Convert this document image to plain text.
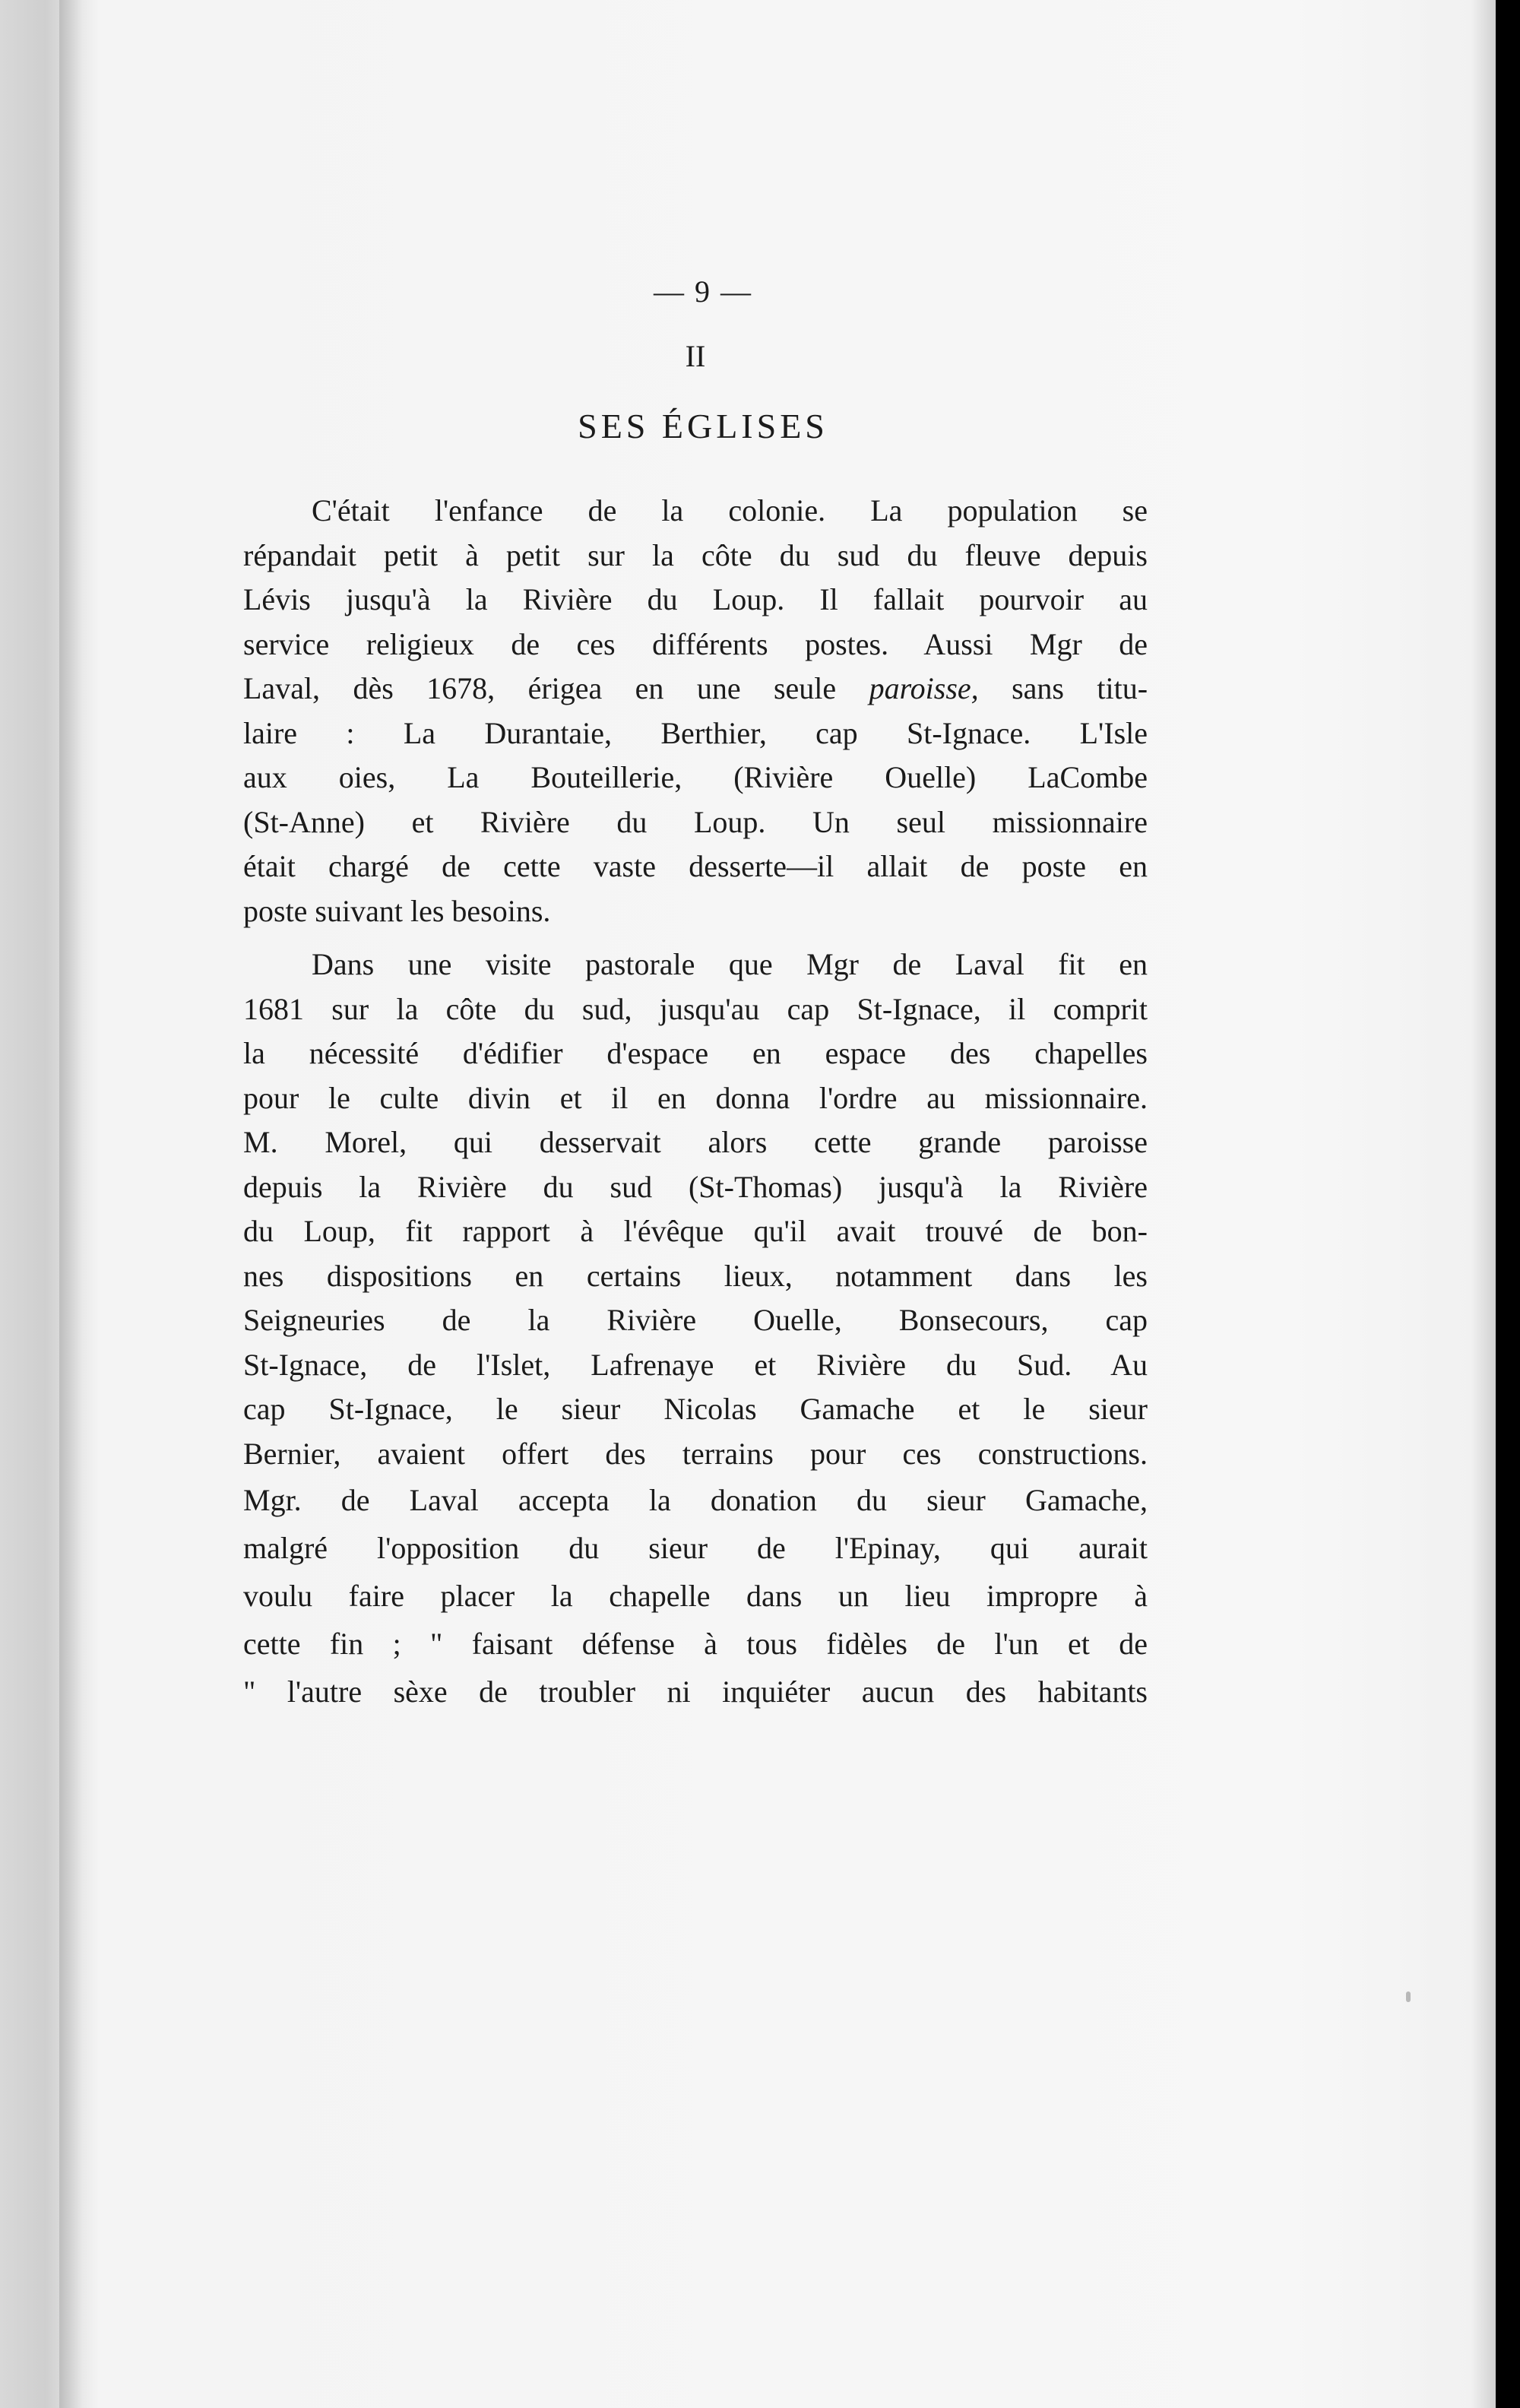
— 9 —
II
SES ÉGLISES
C'était l'enfance de la colonie. La population se
répandait petit à petit sur la côte du sud du fleuve depuis
Lévis jusqu'à la Rivière du Loup. Il fallait pourvoir au
service religieux de ces différents postes. Aussi Mgr de
Laval, dès 1678, érigea en une seule paroisse, sans titu-
laire : La Durantaie, Berthier, cap St-Ignace. L'Isle
aux oies, La Bouteillerie, (Rivière Ouelle) LaCombe
(St-Anne) et Rivière du Loup. Un seul missionnaire
était chargé de cette vaste desserte—il allait de poste en
poste suivant les besoins.
Dans une visite pastorale que Mgr de Laval fit en
1681 sur la côte du sud, jusqu'au cap St-Ignace, il comprit
la nécessité d'édifier d'espace en espace des chapelles
pour le culte divin et il en donna l'ordre au missionnaire.
M. Morel, qui desservait alors cette grande paroisse
depuis la Rivière du sud (St-Thomas) jusqu'à la Rivière
du Loup, fit rapport à l'évêque qu'il avait trouvé de bon-
nes dispositions en certains lieux, notamment dans les
Seigneuries de la Rivière Ouelle, Bonsecours, cap
St-Ignace, de l'Islet, Lafrenaye et Rivière du Sud. Au
cap St-Ignace, le sieur Nicolas Gamache et le sieur
Bernier, avaient offert des terrains pour ces constructions.
Mgr. de Laval accepta la donation du sieur Gamache,
malgré l'opposition du sieur de l'Epinay, qui aurait
voulu faire placer la chapelle dans un lieu impropre à
cette fin ; " faisant défense à tous fidèles de l'un et de
" l'autre sèxe de troubler ni inquiéter aucun des habitants
